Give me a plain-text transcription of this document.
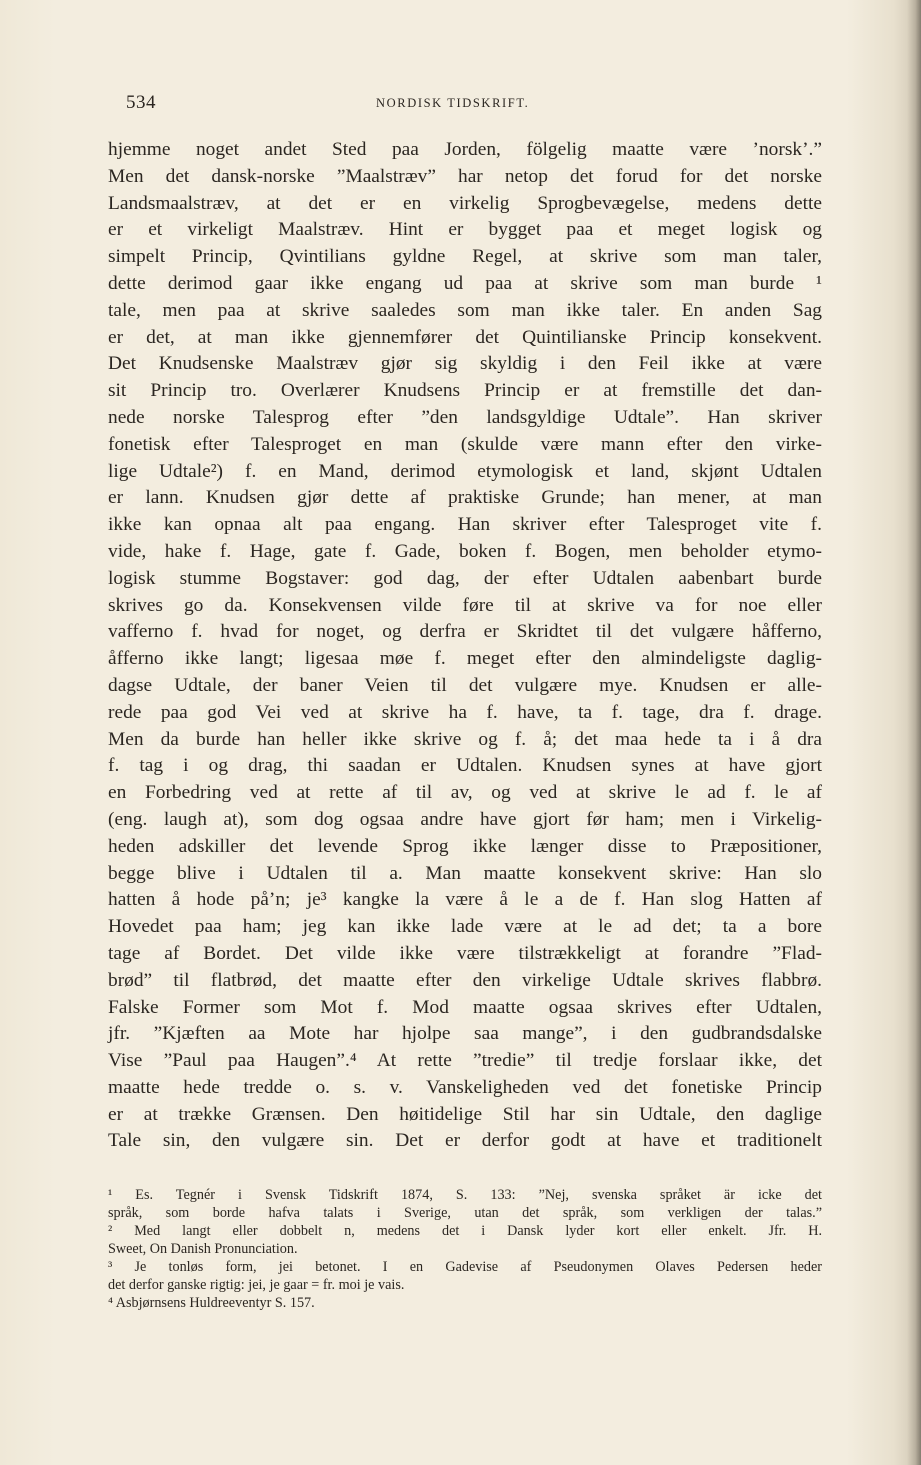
534	NORDISK TIDSKRIFT.
hjemme noget andet Sted paa Jorden, fölgelig maatte være ’norsk’.”
Men det dansk-norske ”Maalstræv” har netop det forud for det norske
Landsmaalstræv, at det er en virkelig Sprogbevægelse, medens dette
er et virkeligt Maalstræv. Hint er bygget paa et meget logisk og
simpelt Princip, Qvintilians gyldne Regel, at skrive som man taler,
dette derimod gaar ikke engang ud paa at skrive som man burde ¹
tale, men paa at skrive saaledes som man ikke taler. En anden Sag
er det, at man ikke gjennemfører det Quintilianske Princip konsekvent.
Det Knudsenske Maalstræv gjør sig skyldig i den Feil ikke at være
sit Princip tro. Overlærer Knudsens Princip er at fremstille det dan-
nede norske Talesprog efter ”den landsgyldige Udtale”. Han skriver
fonetisk efter Talesproget en man (skulde være mann efter den virke-
lige Udtale²) f. en Mand, derimod etymologisk et land, skjønt Udtalen
er lann. Knudsen gjør dette af praktiske Grunde; han mener, at man
ikke kan opnaa alt paa engang. Han skriver efter Talesproget vite f.
vide, hake f. Hage, gate f. Gade, boken f. Bogen, men beholder etymo-
logisk stumme Bogstaver: god dag, der efter Udtalen aabenbart burde
skrives go da. Konsekvensen vilde føre til at skrive va for noe eller
vafferno f. hvad for noget, og derfra er Skridtet til det vulgære håfferno,
åfferno ikke langt; ligesaa møe f. meget efter den almindeligste daglig-
dagse Udtale, der baner Veien til det vulgære mye. Knudsen er alle-
rede paa god Vei ved at skrive ha f. have, ta f. tage, dra f. drage.
Men da burde han heller ikke skrive og f. å; det maa hede ta i å dra
f. tag i og drag, thi saadan er Udtalen. Knudsen synes at have gjort
en Forbedring ved at rette af til av, og ved at skrive le ad f. le af
(eng. laugh at), som dog ogsaa andre have gjort før ham; men i Virkelig-
heden adskiller det levende Sprog ikke længer disse to Præpositioner,
begge blive i Udtalen til a. Man maatte konsekvent skrive: Han slo
hatten å hode på’n; je³ kangke la være å le a de f. Han slog Hatten af
Hovedet paa ham; jeg kan ikke lade være at le ad det; ta a bore
tage af Bordet. Det vilde ikke være tilstrækkeligt at forandre ”Flad-
brød” til flatbrød, det maatte efter den virkelige Udtale skrives flabbrø.
Falske Former som Mot f. Mod maatte ogsaa skrives efter Udtalen,
jfr. ”Kjæften aa Mote har hjolpe saa mange”, i den gudbrandsdalske
Vise ”Paul paa Haugen”.⁴ At rette ”tredie” til tredje forslaar ikke, det
maatte hede tredde o. s. v. Vanskeligheden ved det fonetiske Princip
er at trække Grænsen. Den høitidelige Stil har sin Udtale, den daglige
Tale sin, den vulgære sin. Det er derfor godt at have et traditionelt
¹ Es. Tegnér i Svensk Tidskrift 1874, S. 133: ”Nej, svenska språket är icke det
språk, som borde hafva talats i Sverige, utan det språk, som verkligen der talas.”
² Med langt eller dobbelt n, medens det i Dansk lyder kort eller enkelt. Jfr. H.
Sweet, On Danish Pronunciation.
³ Je tonløs form, jei betonet. I en Gadevise af Pseudonymen Olaves Pedersen heder
det derfor ganske rigtig: jei, je gaar = fr. moi je vais.
⁴ Asbjørnsens Huldreeventyr S. 157.
